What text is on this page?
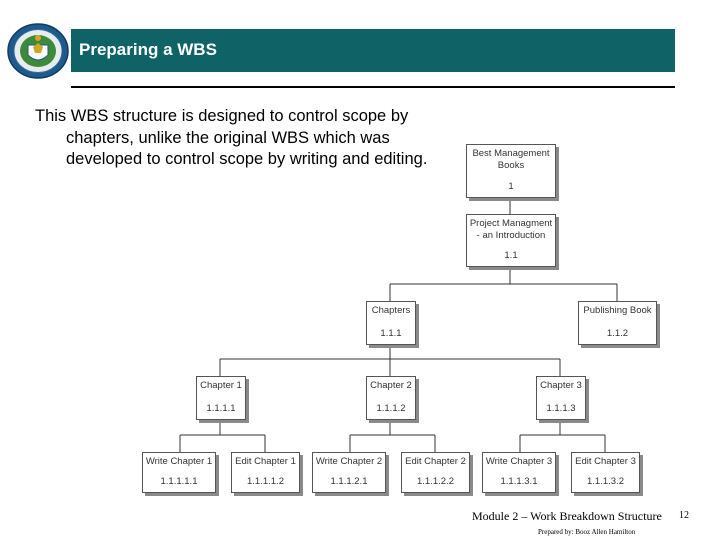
Preparing a WBS
This WBS structure is designed to control scope by chapters, unlike the original WBS which was developed to control scope by writing and editing.	Best Management Books
1
Project Managment - an Introduction
1.1
Chapters
1.1.1
Publishing Book
1.1.2
Chapter 1
1.1.1.1
Chapter 2
1.1.1.2
Chapter 3
1.1.1.3
Write Chapter 1
1.1.1.1.1
Edit Chapter 1
1.1.1.1.2
Write Chapter 2
1.1.1.2.1
Edit Chapter 2
1.1.1.2.2
Write Chapter 3
1.1.1.3.1
Edit Chapter 3
1.1.1.3.2
Module 2 – Work Breakdown Structure
Prepared by: Booz Allen Hamilton
12
